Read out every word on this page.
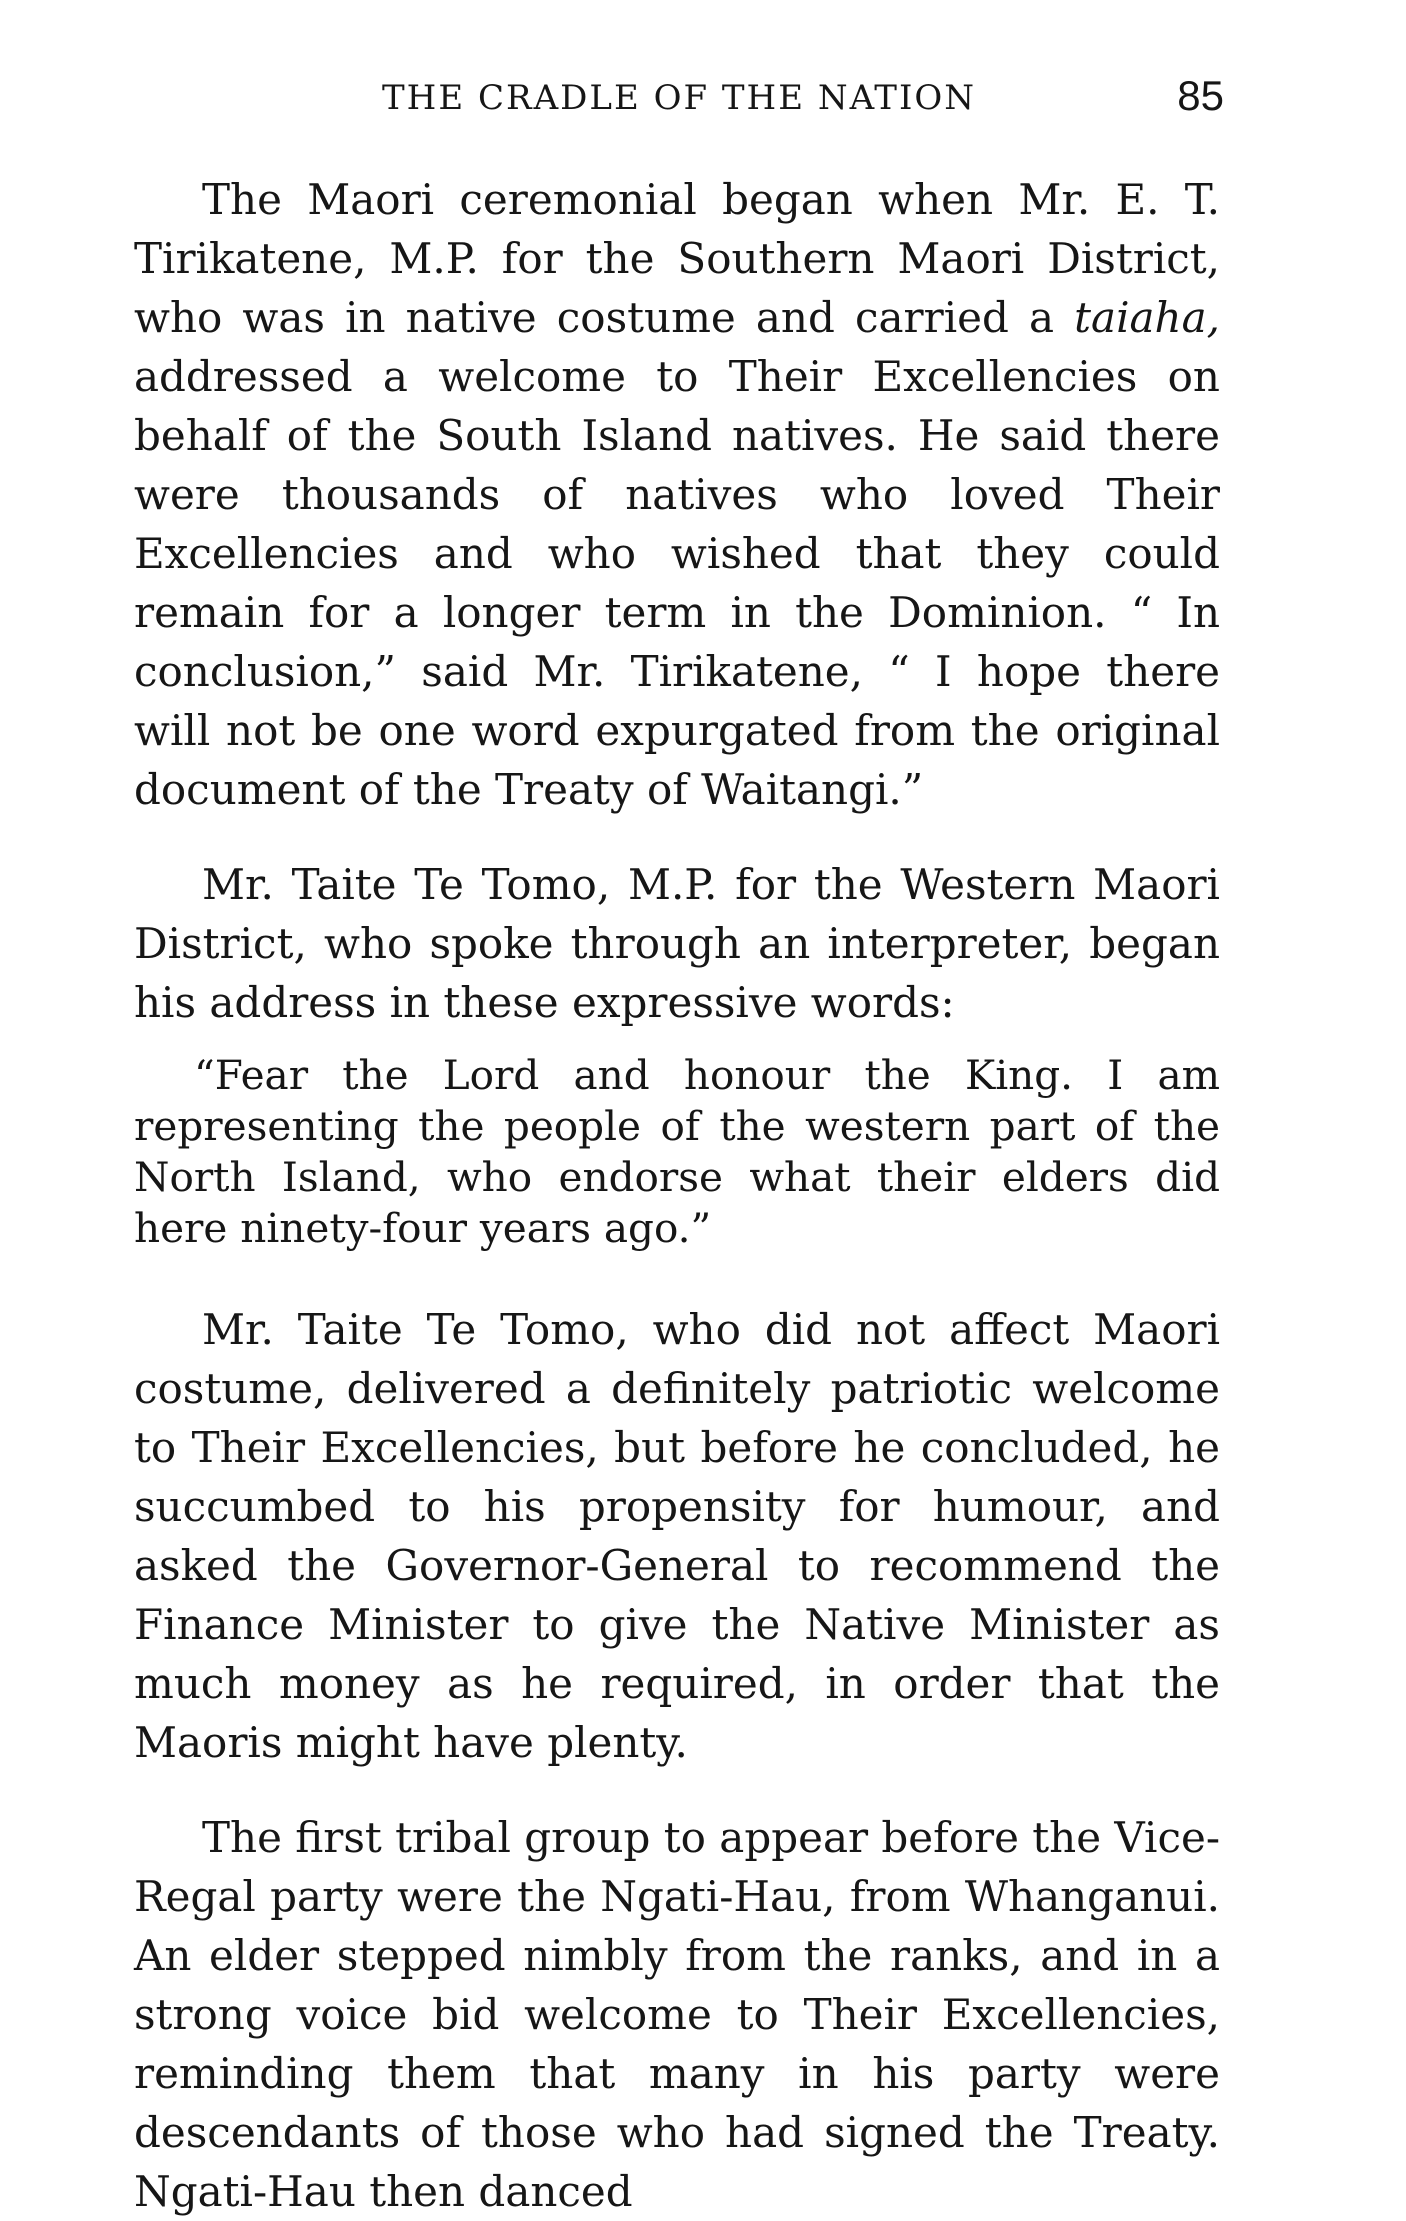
THE CRADLE OF THE NATION	85

The Maori ceremonial began when Mr. E. T. Tirikatene, M.P. for the Southern Maori District, who was in native costume and carried a taiaha, addressed a welcome to Their Excellencies on behalf of the South Island natives. He said there were thousands of natives who loved Their Excellencies and who wished that they could remain for a longer term in the Dominion. “ In conclusion,” said Mr. Tirikatene, “ I hope there will not be one word expurgated from the original document of the Treaty of Waitangi.”

Mr. Taite Te Tomo, M.P. for the Western Maori District, who spoke through an interpreter, began his address in these expressive words:

“Fear the Lord and honour the King. I am representing the people of the western part of the North Island, who endorse what their elders did here ninety-four years ago.”

Mr. Taite Te Tomo, who did not affect Maori costume, delivered a definitely patriotic welcome to Their Excellencies, but before he concluded, he succumbed to his propensity for humour, and asked the Governor-General to recommend the Finance Minister to give the Native Minister as much money as he required, in order that the Maoris might have plenty.

The first tribal group to appear before the Vice-Regal party were the Ngati-Hau, from Whanganui. An elder stepped nimbly from the ranks, and in a strong voice bid welcome to Their Excellencies, reminding them that many in his party were descendants of those who had signed the Treaty. Ngati-Hau then danced
